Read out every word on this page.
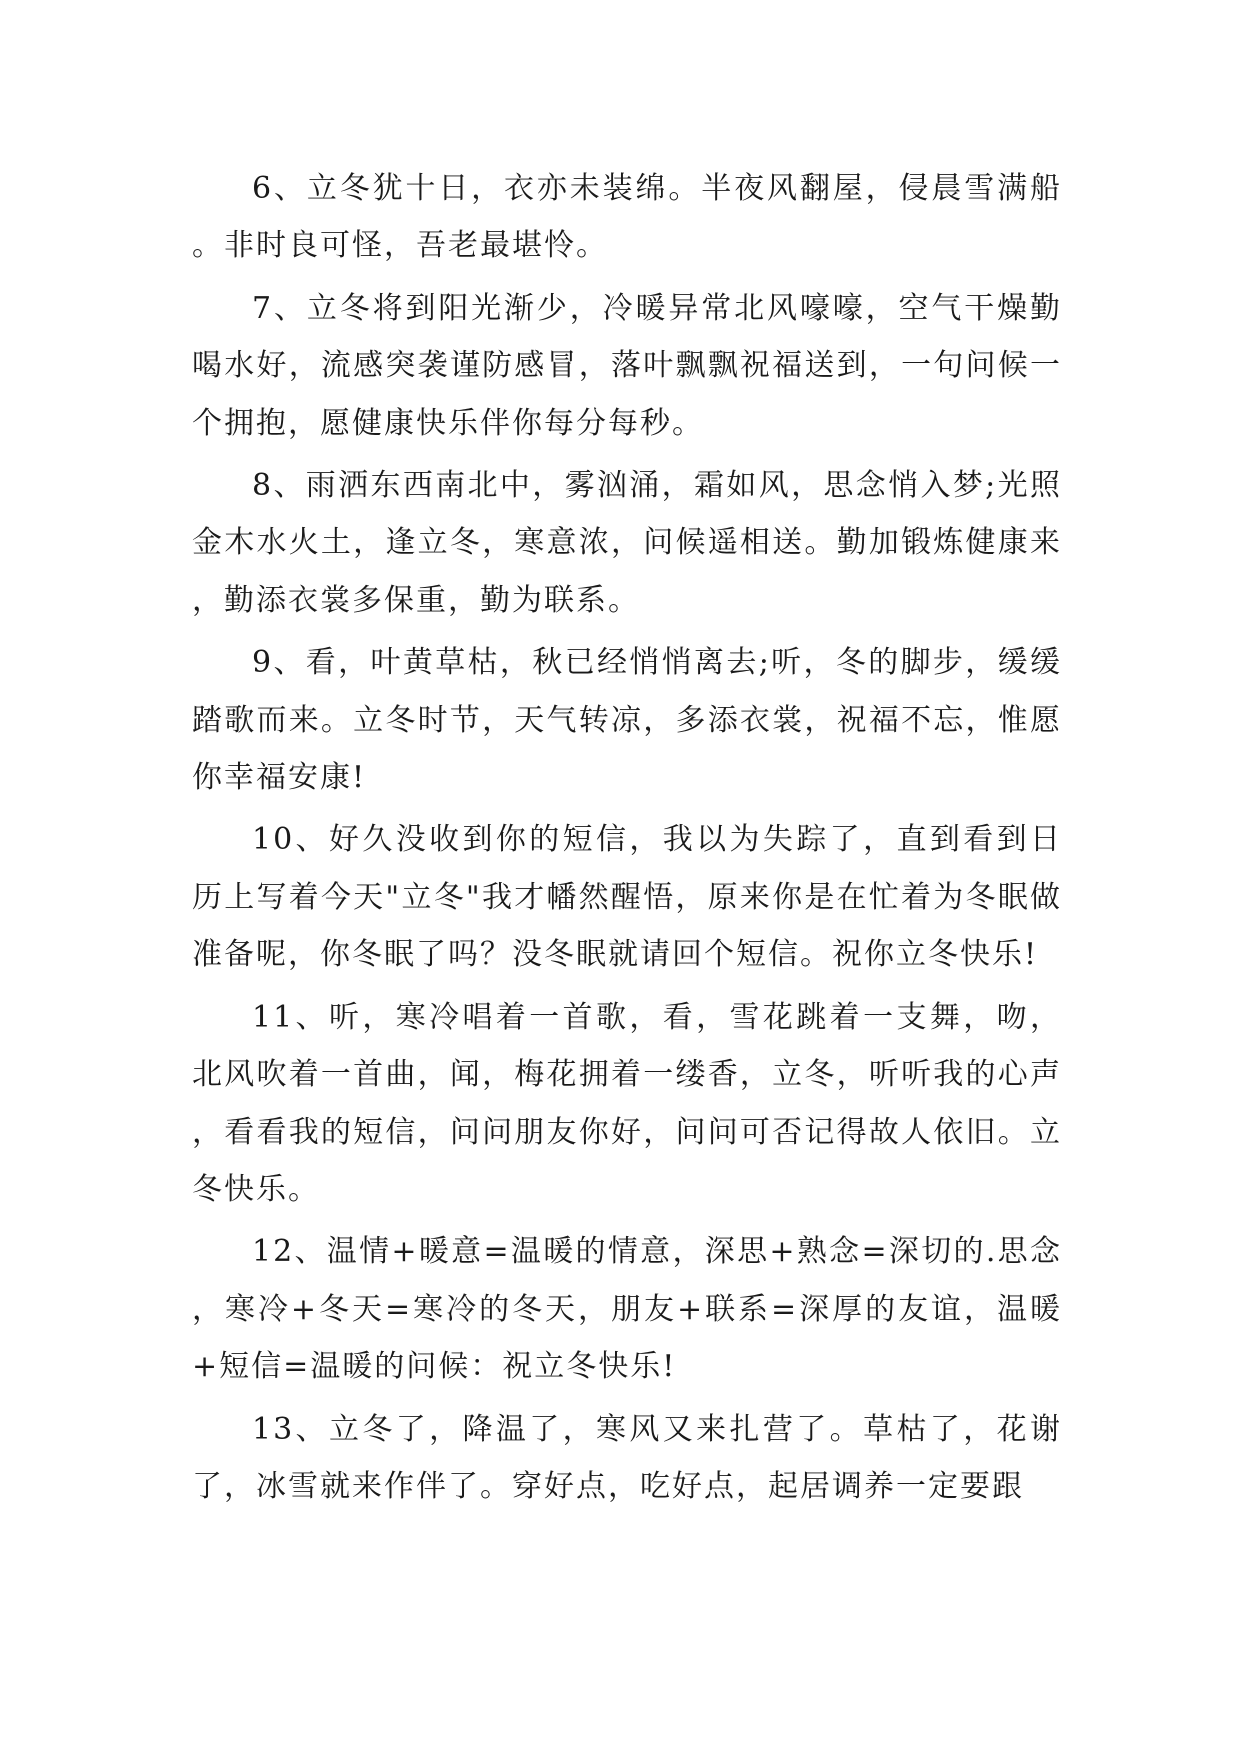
6、立冬犹十日，衣亦未装绵。半夜风翻屋，侵晨雪满船。非时良可怪，吾老最堪怜。

7、立冬将到阳光渐少，冷暖异常北风嚎嚎，空气干燥勤喝水好，流感突袭谨防感冒，落叶飘飘祝福送到，一句问候一个拥抱，愿健康快乐伴你每分每秒。

8、雨洒东西南北中，雾汹涌，霜如风，思念悄入梦;光照金木水火土，逢立冬，寒意浓，问候遥相送。勤加锻炼健康来，勤添衣裳多保重，勤为联系。

9、看，叶黄草枯，秋已经悄悄离去;听，冬的脚步，缓缓踏歌而来。立冬时节，天气转凉，多添衣裳，祝福不忘，惟愿你幸福安康!

10、好久没收到你的短信，我以为失踪了，直到看到日历上写着今天"立冬"我才幡然醒悟，原来你是在忙着为冬眠做准备呢，你冬眠了吗？没冬眠就请回个短信。祝你立冬快乐!

11、听，寒冷唱着一首歌，看，雪花跳着一支舞，吻，北风吹着一首曲，闻，梅花拥着一缕香，立冬，听听我的心声，看看我的短信，问问朋友你好，问问可否记得故人依旧。立冬快乐。

12、温情+暖意=温暖的情意，深思+熟念=深切的.思念，寒冷+冬天=寒冷的冬天，朋友+联系=深厚的友谊，温暖+短信=温暖的问候：祝立冬快乐!

13、立冬了，降温了，寒风又来扎营了。草枯了，花谢了，冰雪就来作伴了。穿好点，吃好点，起居调养一定要跟
